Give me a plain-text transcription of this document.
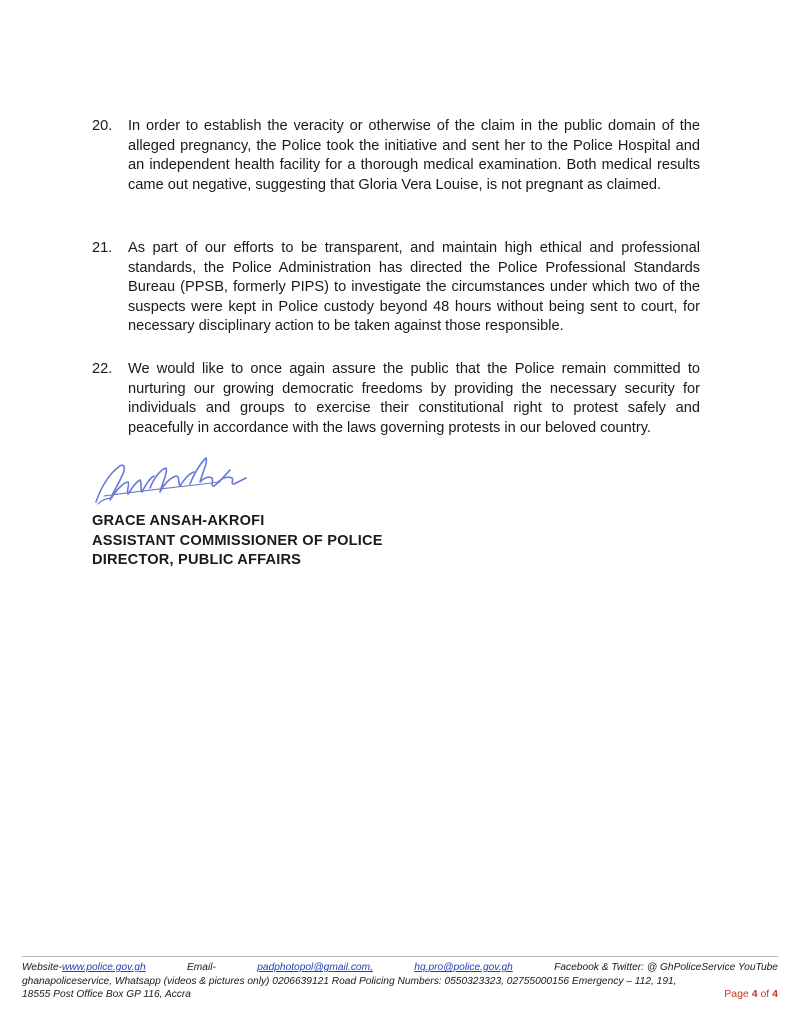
20. In order to establish the veracity or otherwise of the claim in the public domain of the alleged pregnancy, the Police took the initiative and sent her to the Police Hospital and an independent health facility for a thorough medical examination. Both medical results came out negative, suggesting that Gloria Vera Louise, is not pregnant as claimed.
21. As part of our efforts to be transparent, and maintain high ethical and professional standards, the Police Administration has directed the Police Professional Standards Bureau (PPSB, formerly PIPS) to investigate the circumstances under which two of the suspects were kept in Police custody beyond 48 hours without being sent to court, for necessary disciplinary action to be taken against those responsible.
22. We would like to once again assure the public that the Police remain committed to nurturing our growing democratic freedoms by providing the necessary security for individuals and groups to exercise their constitutional right to protest safely and peacefully in accordance with the laws governing protests in our beloved country.
GRACE ANSAH-AKROFI
ASSISTANT COMMISSIONER OF POLICE
DIRECTOR, PUBLIC AFFAIRS
Website-www.police.gov.gh	Email-	padphotopol@gmail.com,	hq.pro@police.gov.gh	Facebook & Twitter: @ GhPoliceService YouTube
ghanapoliceservice, Whatsapp (videos & pictures only) 0206639121 Road Policing Numbers: 0550323323, 02755000156 Emergency – 112, 191,
18555 Post Office Box GP 116, Accra	Page 4 of 4
